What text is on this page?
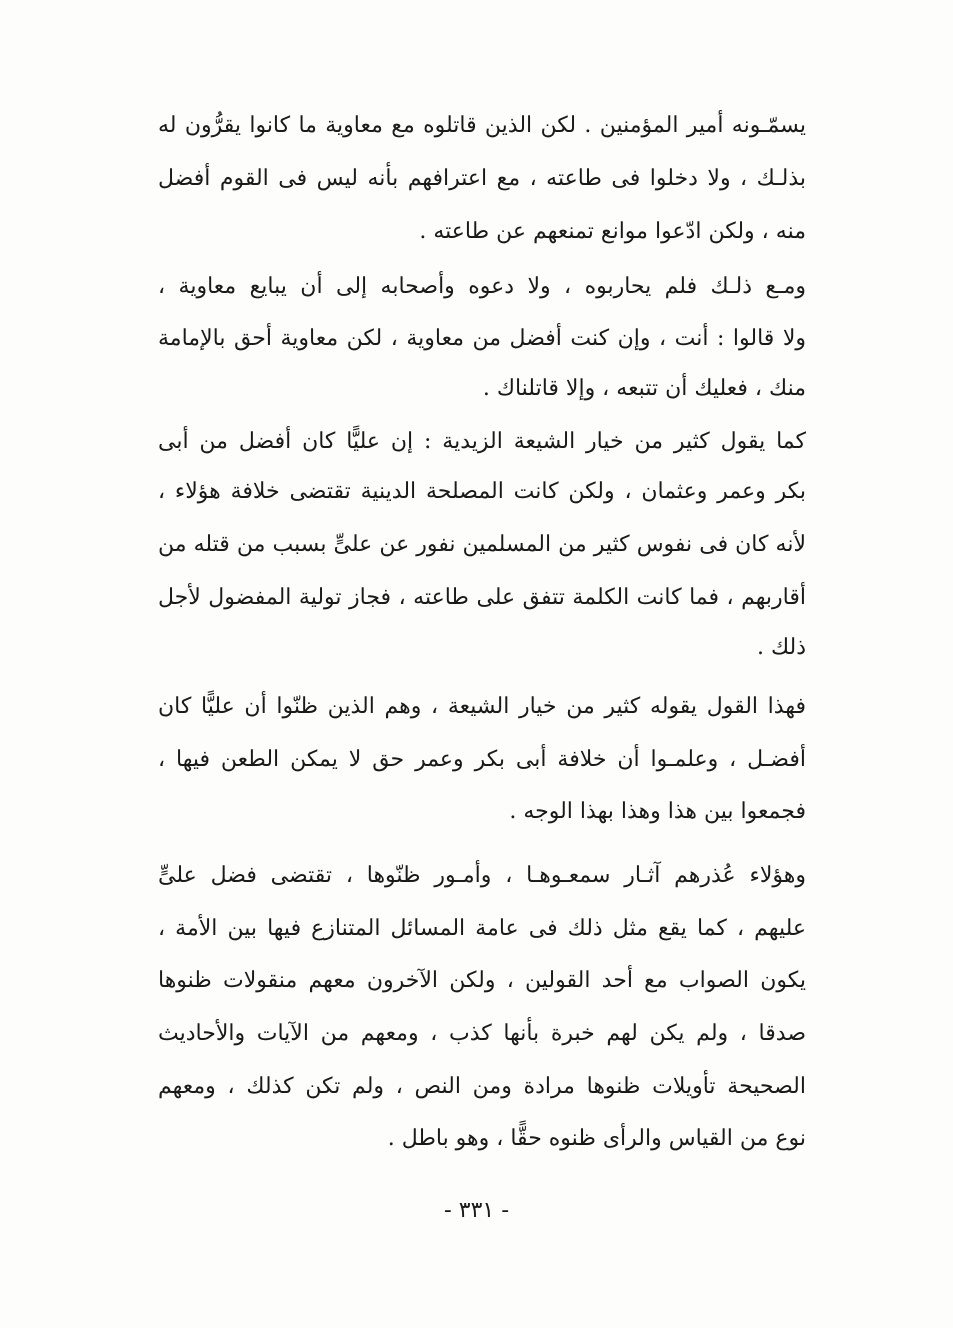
يسمّـونه أمير المؤمنين . لكن الذين قاتلوه مع معاوية ما كانوا يقرُّون له
بذلـك ، ولا دخلوا فى طاعته ، مع اعترافهم بأنه ليس فى القوم أفضل
منه ، ولكن ادّعوا موانع تمنعهم عن طاعته .
ومـع ذلـك فلم يحاربوه ، ولا دعوه وأصحابه إلى أن يبايع معاوية ،
ولا قالوا : أنت ، وإن كنت أفضل من معاوية ، لكن معاوية أحق بالإمامة
منك ، فعليك أن تتبعه ، وإلا قاتلناك .
كما يقول كثير من خيار الشيعة الزيدية : إن عليًّا كان أفضل من أبى
بكر وعمر وعثمان ، ولكن كانت المصلحة الدينية تقتضى خلافة هؤلاء ،
لأنه كان فى نفوس كثير من المسلمين نفور عن علىٍّ بسبب من قتله من
أقاربهم ، فما كانت الكلمة تتفق على طاعته ، فجاز تولية المفضول لأجل
ذلك .
فهذا القول يقوله كثير من خيار الشيعة ، وهم الذين ظنّوا أن عليًّا كان
أفضـل ، وعلمـوا أن خلافة أبى بكر وعمر حق لا يمكن الطعن فيها ،
فجمعوا بين هذا وهذا بهذا الوجه .
وهؤلاء عُذرهم آثـار سمعـوهـا ، وأمـور ظنّوها ، تقتضى فضل علىٍّ
عليهم ، كما يقع مثل ذلك فى عامة المسائل المتنازع فيها بين الأمة ،
يكون الصواب مع أحد القولين ، ولكن الآخرون معهم منقولات ظنوها
صدقا ، ولم يكن لهم خبرة بأنها كذب ، ومعهم من الآيات والأحاديث
الصحيحة تأويلات ظنوها مرادة ومن النص ، ولم تكن كذلك ، ومعهم
نوع من القياس والرأى ظنوه حقًّا ، وهو باطل .
- ٣٣١ -
